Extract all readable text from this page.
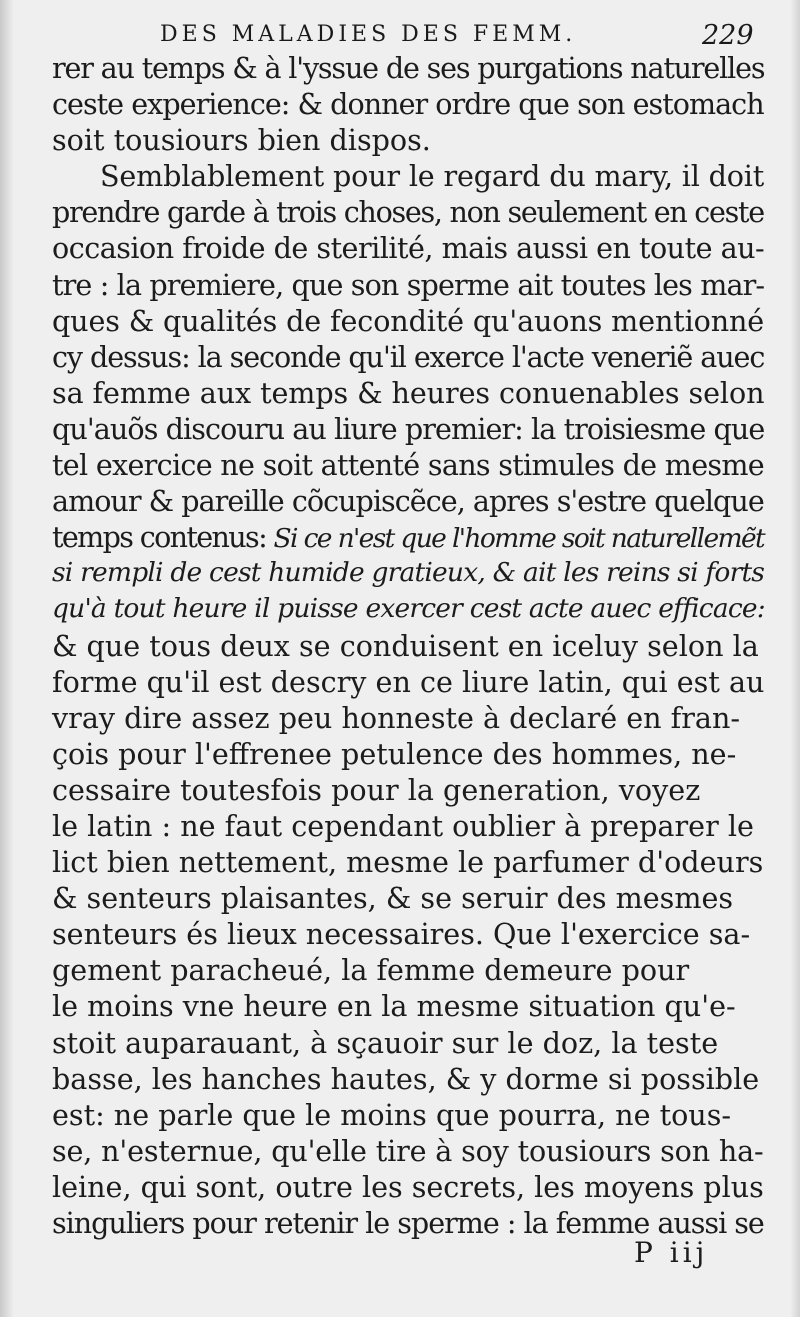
DES MALADIES DES FEMM.	229
rer au temps & à l'yssue de ses purgations naturelles
ceste experience: & donner ordre que son estomach
soit tousiours bien dispos.
Semblablement pour le regard du mary, il doit
prendre garde à trois choses, non seulement en ceste
occasion froide de sterilité, mais aussi en toute au-
tre : la premiere, que son sperme ait toutes les mar-
ques & qualités de fecondité qu'auons mentionné
cy dessus: la seconde qu'il exerce l'acte veneriẽ auec
sa femme aux temps & heures conuenables selon
qu'auõs discouru au liure premier: la troisiesme que
tel exercice ne soit attenté sans stimules de mesme
amour & pareille cõcupiscẽce, apres s'estre quelque
temps contenus: Si ce n'est que l'homme soit naturellemẽt
si rempli de cest humide gratieux, & ait les reins si forts
qu'à tout heure il puisse exercer cest acte auec efficace:
& que tous deux se conduisent en iceluy selon la
forme qu'il est descry en ce liure latin, qui est au
vray dire assez peu honneste à declaré en fran-
çois pour l'effrenee petulence des hommes, ne-
cessaire toutesfois pour la generation, voyez
le latin : ne faut cependant oublier à preparer le
lict bien nettement, mesme le parfumer d'odeurs
& senteurs plaisantes, & se seruir des mesmes
senteurs és lieux necessaires. Que l'exercice sa-
gement paracheué, la femme demeure pour
le moins vne heure en la mesme situation qu'e-
stoit auparauant, à sçauoir sur le doz, la teste
basse, les hanches hautes, & y dorme si possible
est: ne parle que le moins que pourra, ne tous-
se, n'esternue, qu'elle tire à soy tousiours son ha-
leine, qui sont, outre les secrets, les moyens plus
singuliers pour retenir le sperme : la femme aussi se
P iij
